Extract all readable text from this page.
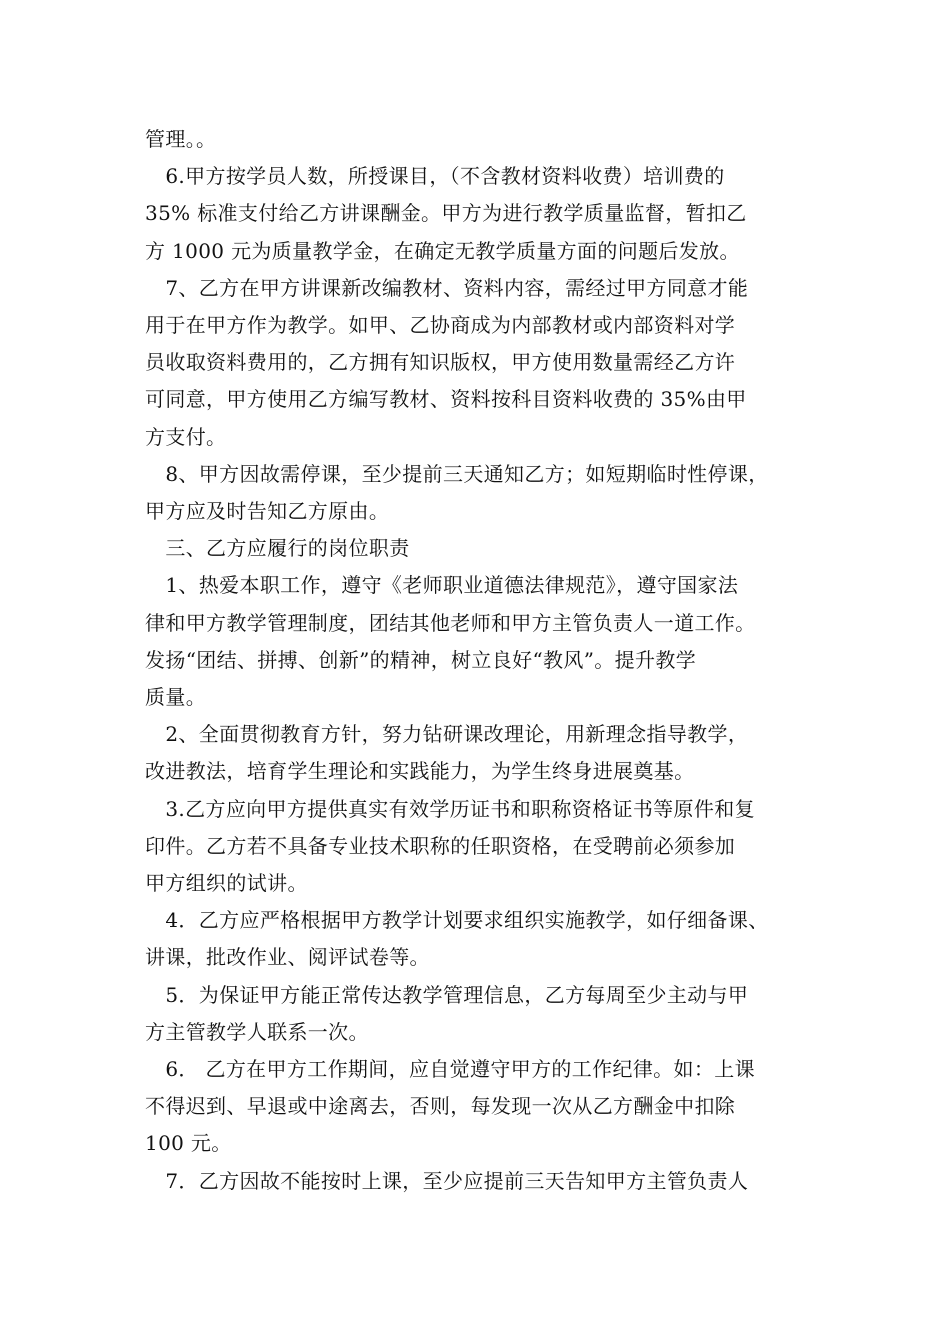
管理。。

　6.甲方按学员人数，所授课目，（不含教材资料收费）培训费的
35% 标准支付给乙方讲课酬金。甲方为进行教学质量监督，暂扣乙
方 1000 元为质量教学金，在确定无教学质量方面的问题后发放。

　7、乙方在甲方讲课新改编教材、资料内容，需经过甲方同意才能
用于在甲方作为教学。如甲、乙协商成为内部教材或内部资料对学
员收取资料费用的，乙方拥有知识版权，甲方使用数量需经乙方许
可同意，甲方使用乙方编写教材、资料按科目资料收费的 35%由甲
方支付。

　8、甲方因故需停课，至少提前三天通知乙方；如短期临时性停课，
甲方应及时告知乙方原由。

　三、乙方应履行的岗位职责

　1、热爱本职工作，遵守《老师职业道德法律规范》，遵守国家法
律和甲方教学管理制度，团结其他老师和甲方主管负责人一道工作。
发扬“团结、拼搏、创新”的精神，树立良好“教风”。提升教学
质量。

　2、全面贯彻教育方针，努力钻研课改理论，用新理念指导教学，
改进教法，培育学生理论和实践能力，为学生终身进展奠基。

　3.乙方应向甲方提供真实有效学历证书和职称资格证书等原件和复
印件。乙方若不具备专业技术职称的任职资格，在受聘前必须参加
甲方组织的试讲。

　4．乙方应严格根据甲方教学计划要求组织实施教学，如仔细备课、
讲课，批改作业、阅评试卷等。

　5．为保证甲方能正常传达教学管理信息，乙方每周至少主动与甲
方主管教学人联系一次。

　6． 乙方在甲方工作期间，应自觉遵守甲方的工作纪律。如：上课
不得迟到、早退或中途离去，否则，每发现一次从乙方酬金中扣除
100 元。

　7．乙方因故不能按时上课，至少应提前三天告知甲方主管负责人
